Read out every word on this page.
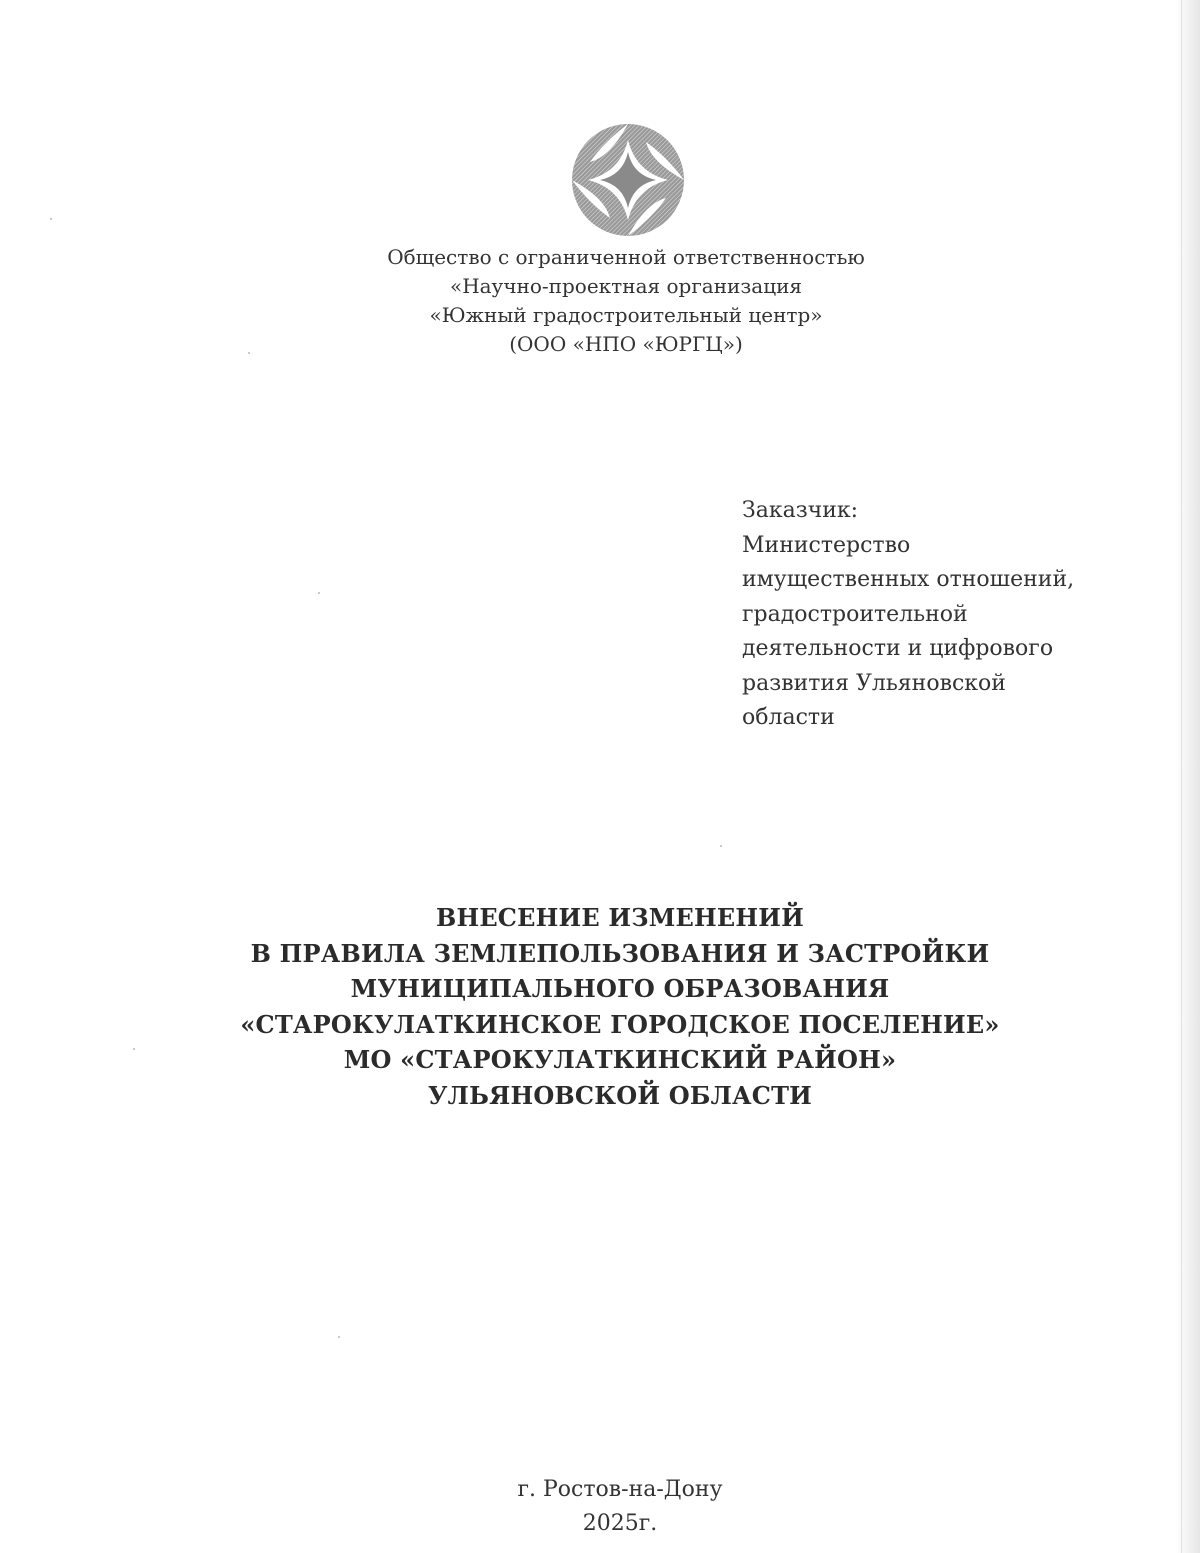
Общество с ограниченной ответственностью
«Научно-проектная организация
«Южный градостроительный центр»
(ООО «НПО «ЮРГЦ»)
Заказчик:
Министерство
имущественных отношений,
градостроительной
деятельности и цифрового
развития Ульяновской
области
ВНЕСЕНИЕ ИЗМЕНЕНИЙ
В ПРАВИЛА ЗЕМЛЕПОЛЬЗОВАНИЯ И ЗАСТРОЙКИ
МУНИЦИПАЛЬНОГО ОБРАЗОВАНИЯ
«СТАРОКУЛАТКИНСКОЕ ГОРОДСКОЕ ПОСЕЛЕНИЕ»
МО «СТАРОКУЛАТКИНСКИЙ РАЙОН»
УЛЬЯНОВСКОЙ ОБЛАСТИ
г. Ростов-на-Дону
2025г.
